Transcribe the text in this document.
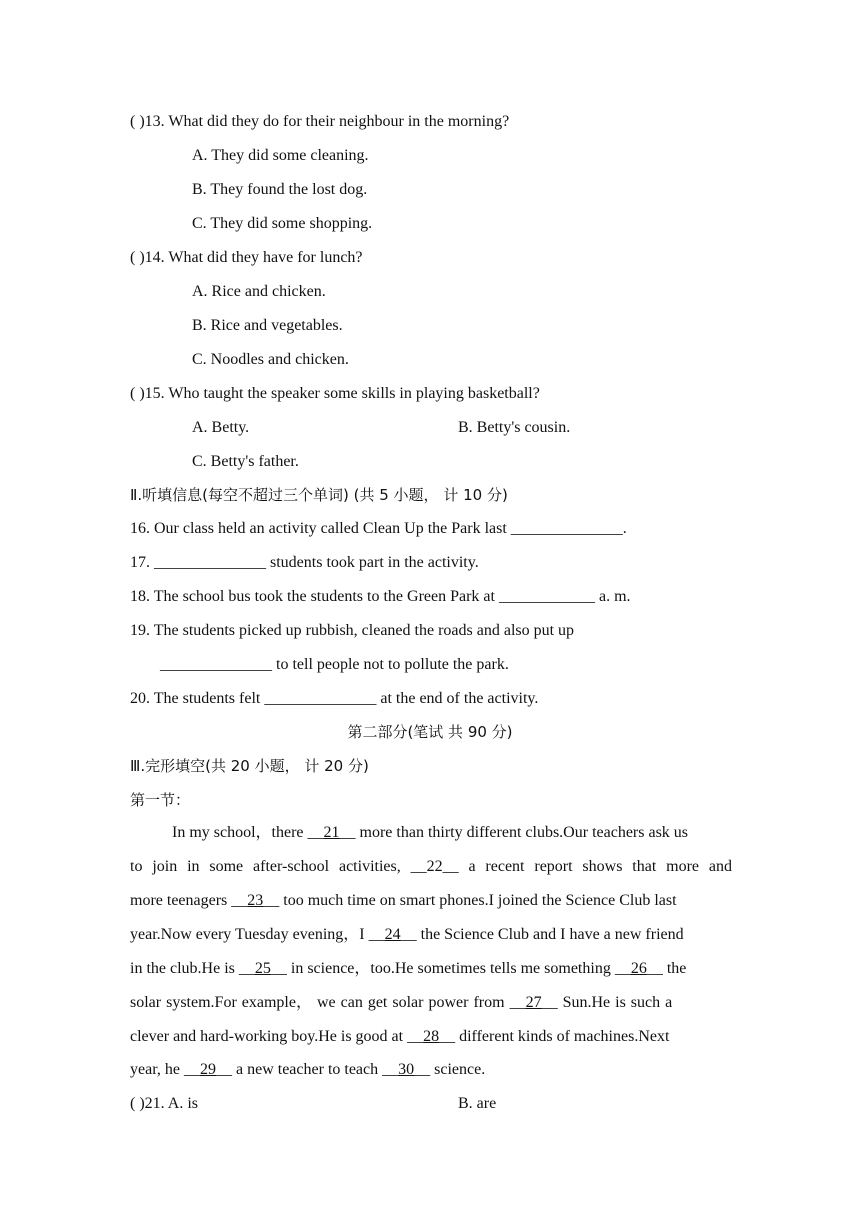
( )13. What did they do for their neighbour in the morning?
A. They did some cleaning.
B. They found the lost dog.
C. They did some shopping.
( )14. What did they have for lunch?
A. Rice and chicken.
B. Rice and vegetables.
C. Noodles and chicken.
( )15. Who taught the speaker some skills in playing basketball?
A. Betty.	B. Betty's cousin.
C. Betty's father.
Ⅱ.听填信息(每空不超过三个单词) (共 5 小题， 计 10 分)
16. Our class held an activity called Clean Up the Park last ______________.
17. ______________ students took part in the activity.
18. The school bus took the students to the Green Park at ____________ a. m.
19. The students picked up rubbish, cleaned the roads and also put up
______________ to tell people not to pollute the park.
20. The students felt ______________ at the end of the activity.
第二部分(笔试 共 90 分)
Ⅲ.完形填空(共 20 小题， 计 20 分)
第一节：
In my school，there __21__ more than thirty different clubs.Our teachers ask us
to join in some after-school activities, __22__ a recent report shows that more and
more teenagers __23__ too much time on smart phones.I joined the Science Club last
year.Now every Tuesday evening，I __24__ the Science Club and I have a new friend
in the club.He is __25__ in science，too.He sometimes tells me something __26__ the
solar system.For example， we can get solar power from __27__ Sun.He is such a
clever and hard-working boy.He is good at __28__ different kinds of machines.Next
year, he __29__ a new teacher to teach __30__ science.
( )21. A. is	B. are
